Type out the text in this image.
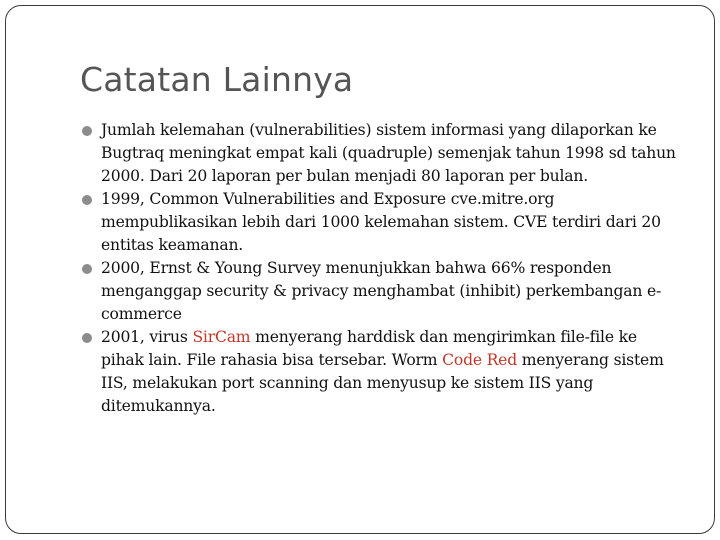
Catatan Lainnya
Jumlah kelemahan (vulnerabilities) sistem informasi yang dilaporkan ke Bugtraq meningkat empat kali (quadruple) semenjak tahun 1998 sd tahun 2000. Dari 20 laporan per bulan menjadi 80 laporan per bulan.
1999, Common Vulnerabilities and Exposure cve.mitre.org mempublikasikan lebih dari 1000 kelemahan sistem. CVE terdiri dari 20 entitas keamanan.
2000, Ernst & Young Survey menunjukkan bahwa 66% responden menganggap security & privacy menghambat (inhibit) perkembangan e-commerce
2001, virus SirCam menyerang harddisk dan mengirimkan file-file ke pihak lain. File rahasia bisa tersebar. Worm Code Red menyerang sistem IIS, melakukan port scanning dan menyusup ke sistem IIS yang ditemukannya.
